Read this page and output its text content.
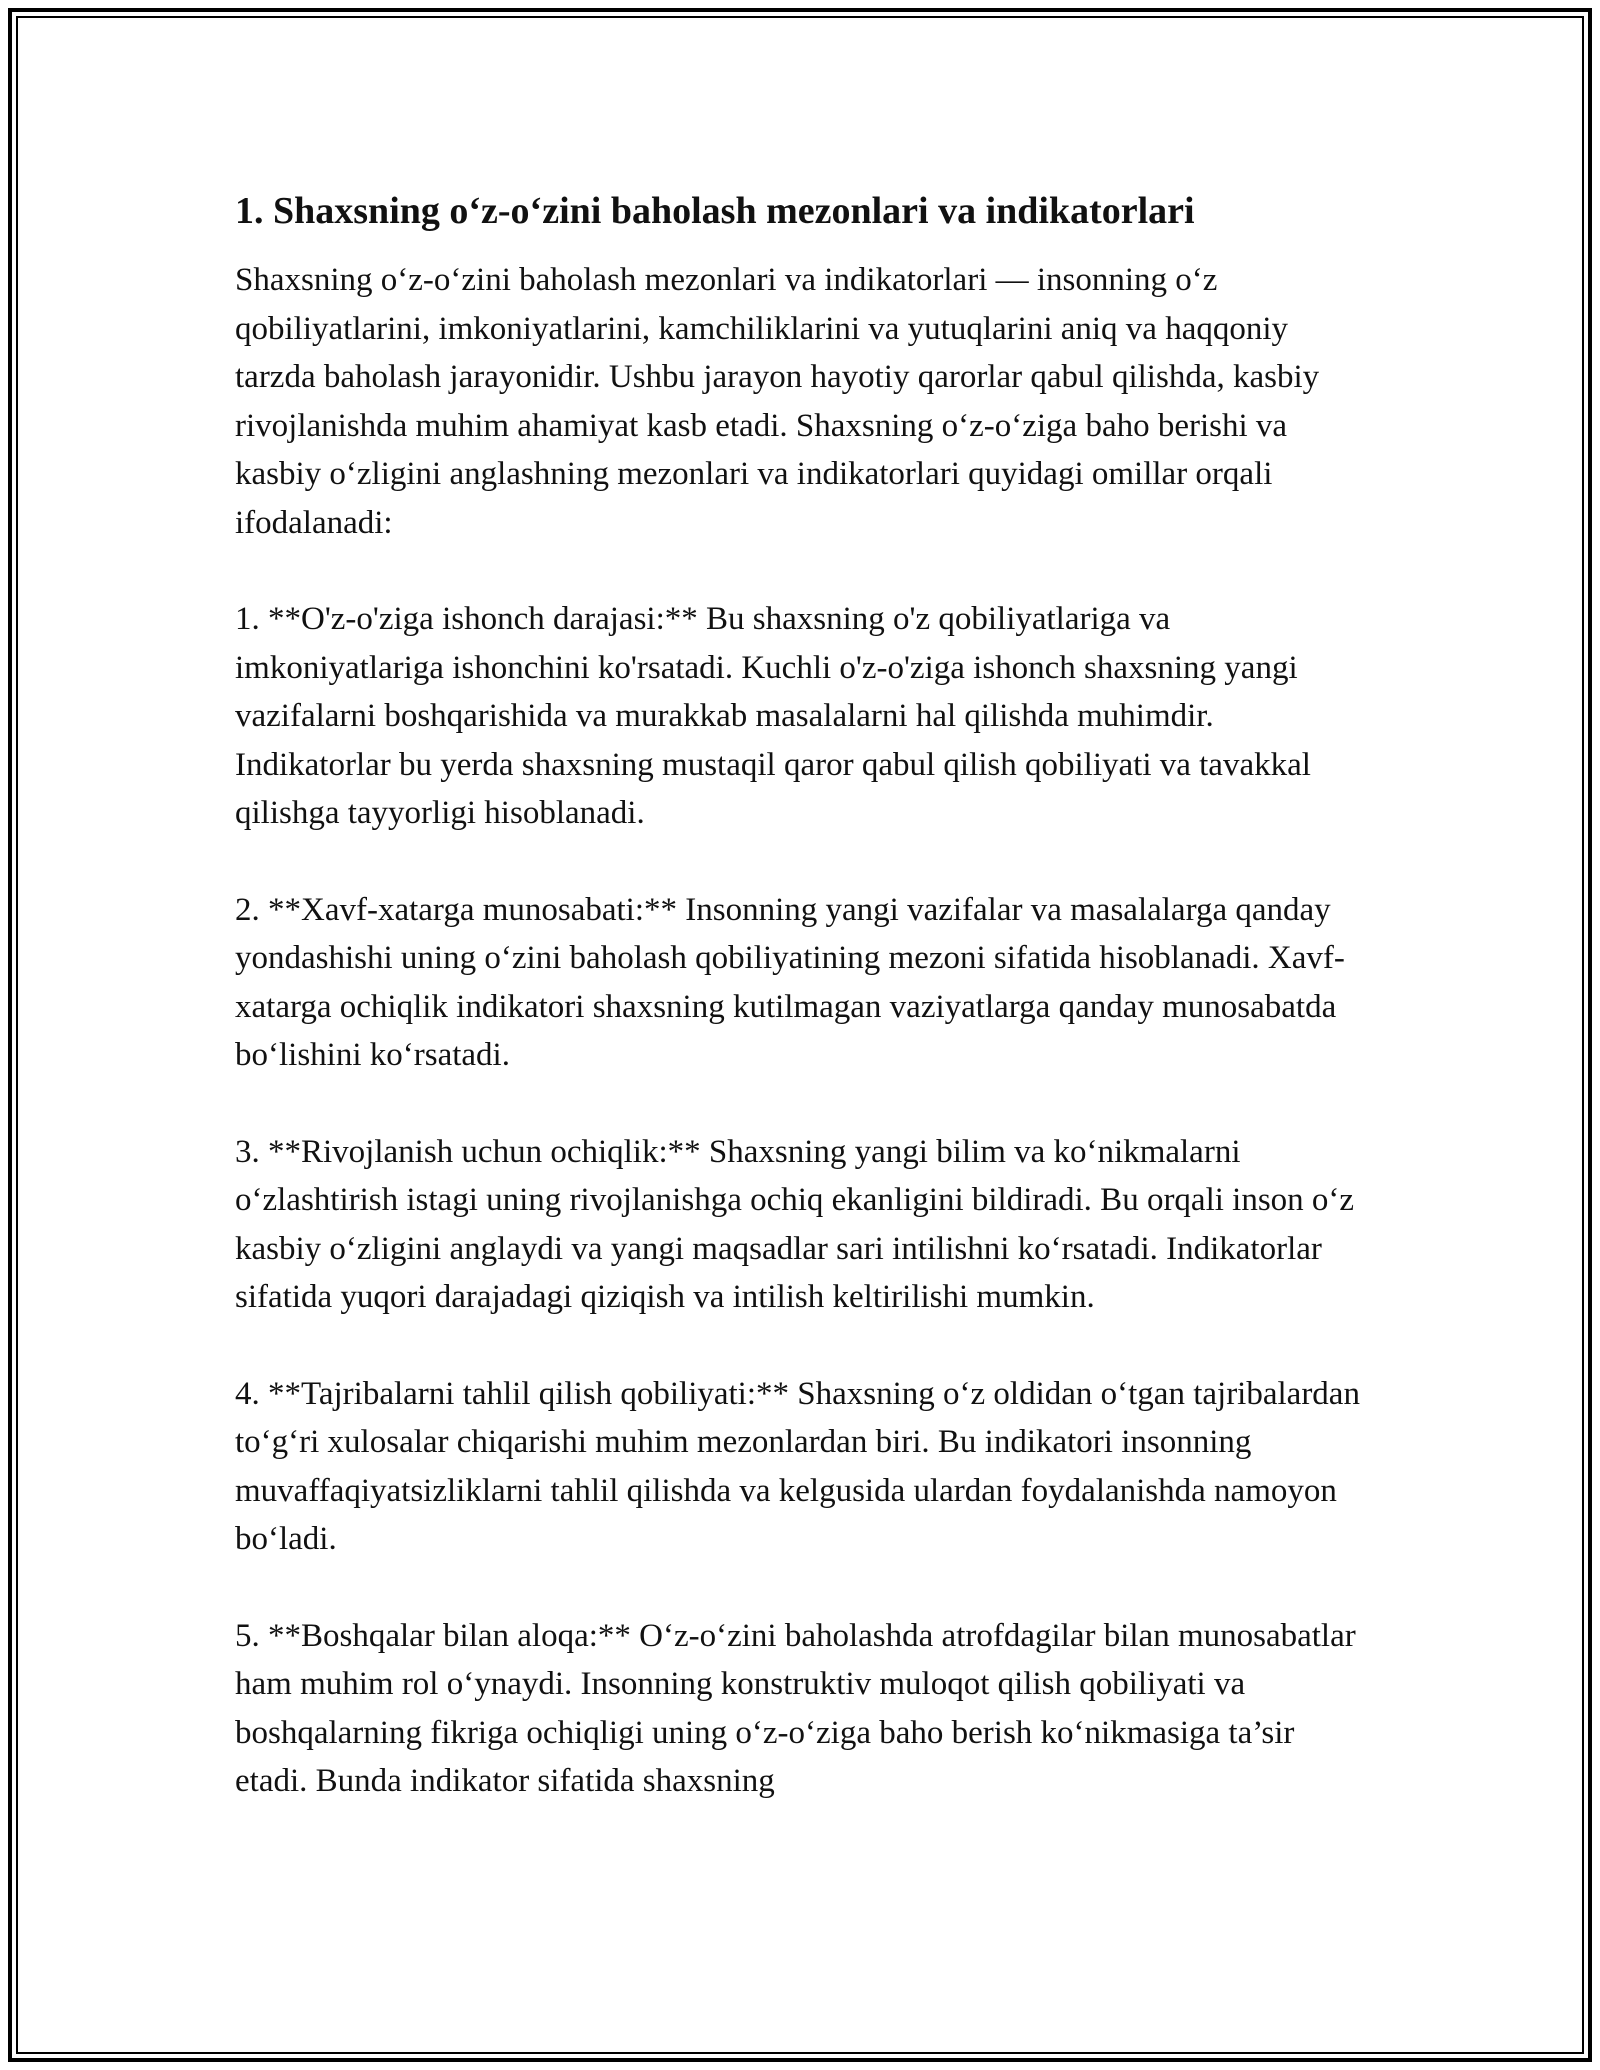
1. Shaxsning o‘z-o‘zini baholash mezonlari va indikatorlari

Shaxsning o‘z-o‘zini baholash mezonlari va indikatorlari — insonning o‘z qobiliyatlarini, imkoniyatlarini, kamchiliklarini va yutuqlarini aniq va haqqoniy tarzda baholash jarayonidir. Ushbu jarayon hayotiy qarorlar qabul qilishda, kasbiy rivojlanishda muhim ahamiyat kasb etadi. Shaxsning o‘z-o‘ziga baho berishi va kasbiy o‘zligini anglashning mezonlari va indikatorlari quyidagi omillar orqali ifodalanadi:

1. **O'z-o'ziga ishonch darajasi:** Bu shaxsning o'z qobiliyatlariga va imkoniyatlariga ishonchini ko'rsatadi. Kuchli o'z-o'ziga ishonch shaxsning yangi vazifalarni boshqarishida va murakkab masalalarni hal qilishda muhimdir. Indikatorlar bu yerda shaxsning mustaqil qaror qabul qilish qobiliyati va tavakkal qilishga tayyorligi hisoblanadi.

2. **Xavf-xatarga munosabati:** Insonning yangi vazifalar va masalalarga qanday yondashishi uning o‘zini baholash qobiliyatining mezoni sifatida hisoblanadi. Xavf-xatarga ochiqlik indikatori shaxsning kutilmagan vaziyatlarga qanday munosabatda bo‘lishini ko‘rsatadi.

3. **Rivojlanish uchun ochiqlik:** Shaxsning yangi bilim va ko‘nikmalarni o‘zlashtirish istagi uning rivojlanishga ochiq ekanligini bildiradi. Bu orqali inson o‘z kasbiy o‘zligini anglaydi va yangi maqsadlar sari intilishni ko‘rsatadi. Indikatorlar sifatida yuqori darajadagi qiziqish va intilish keltirilishi mumkin.

4. **Tajribalarni tahlil qilish qobiliyati:** Shaxsning o‘z oldidan o‘tgan tajribalardan to‘g‘ri xulosalar chiqarishi muhim mezonlardan biri. Bu indikatori insonning muvaffaqiyatsizliklarni tahlil qilishda va kelgusida ulardan foydalanishda namoyon bo‘ladi.

5. **Boshqalar bilan aloqa:** O‘z-o‘zini baholashda atrofdagilar bilan munosabatlar ham muhim rol o‘ynaydi. Insonning konstruktiv muloqot qilish qobiliyati va boshqalarning fikriga ochiqligi uning o‘z-o‘ziga baho berish ko‘nikmasiga ta’sir etadi. Bunda indikator sifatida shaxsning
